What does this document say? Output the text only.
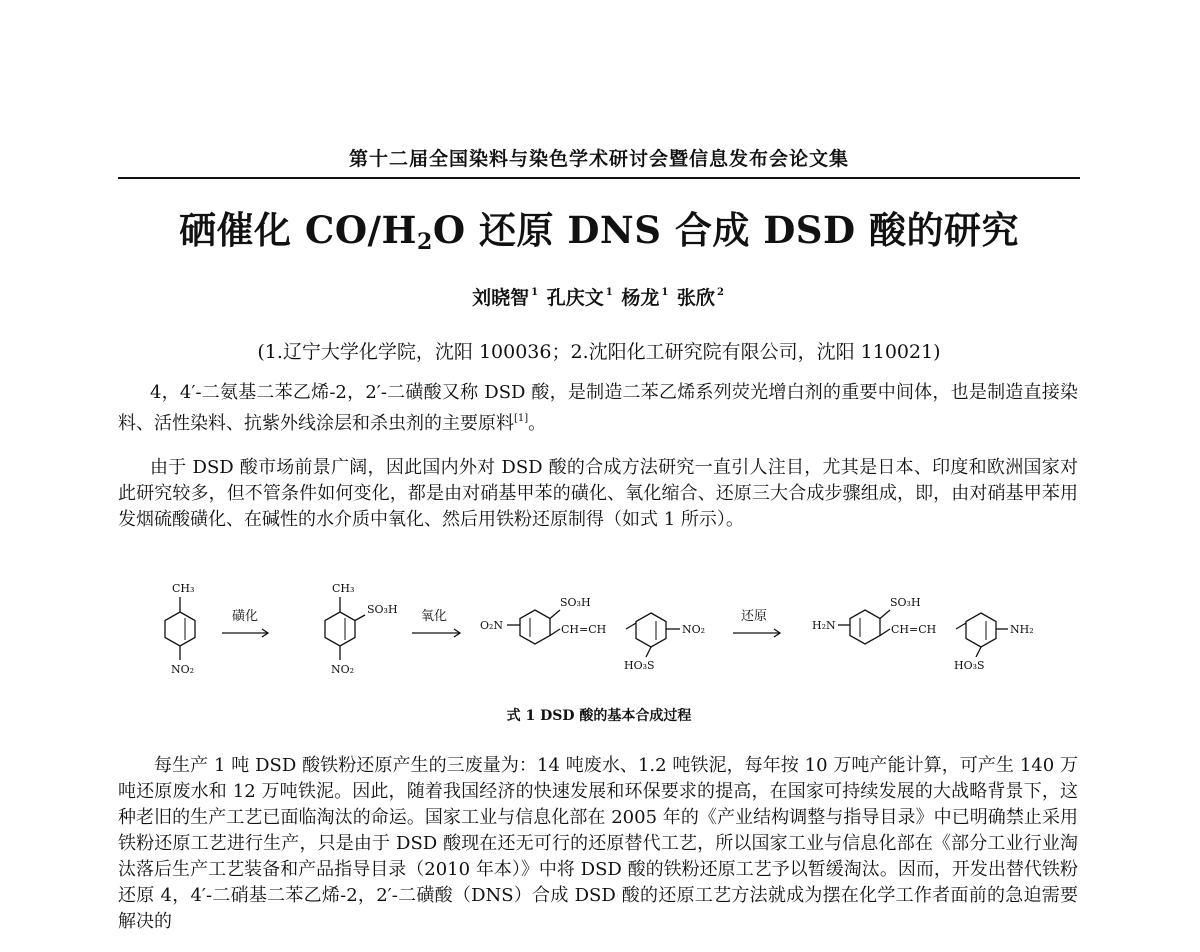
第十二届全国染料与染色学术研讨会暨信息发布会论文集
硒催化 $CO/H_2O$ 还原 DNS 合成 DSD 酸的研究
刘晓智 $^1$ 孔庆文 $^1$ 杨龙 $^1$ 张欣 $^2$
(1.辽宁大学化学院，沈阳 100036；2.沈阳化工研究院有限公司，沈阳 110021)

4，4′-二氨基二苯乙烯-2，2′-二磺酸又称 DSD 酸，是制造二苯乙烯系列荧光增白剂的重要中间体，也是制造直接染料、活性染料、抗紫外线涂层和杀虫剂的主要原料[1]。

由于 DSD 酸市场前景广阔，因此国内外对 DSD 酸的合成方法研究一直引人注目，尤其是日本、印度和欧洲国家对此研究较多，但不管条件如何变化，都是由对硝基甲苯的磺化、氧化缩合、还原三大合成步骤组成，即，由对硝基甲苯用发烟硫酸磺化、在碱性的水介质中氧化、然后用铁粉还原制得（如式 1 所示）。

CH₃
NO₂
磺化
CH₃
SO₃H
NO₂
氧化
O₂N
SO₃H
CH=CH
HO₃S
NO₂
还原
H₂N
SO₃H
CH=CH
HO₃S
NH₂
式 1 DSD 酸的基本合成过程

每生产 1 吨 DSD 酸铁粉还原产生的三废量为：14 吨废水、1.2 吨铁泥，每年按 10 万吨产能计算，可产生 140 万吨还原废水和 12 万吨铁泥。因此，随着我国经济的快速发展和环保要求的提高，在国家可持续发展的大战略背景下，这种老旧的生产工艺已面临淘汰的命运。国家工业与信息化部在 2005 年的《产业结构调整与指导目录》中已明确禁止采用铁粉还原工艺进行生产，只是由于 DSD 酸现在还无可行的还原替代工艺，所以国家工业与信息化部在《部分工业行业淘汰落后生产工艺装备和产品指导目录（2010 年本）》中将 DSD 酸的铁粉还原工艺予以暂缓淘汰。因而，开发出替代铁粉还原 4，4′-二硝基二苯乙烯-2，2′-二磺酸（DNS）合成 DSD 酸的还原工艺方法就成为摆在化学工作者面前的急迫需要解决的
